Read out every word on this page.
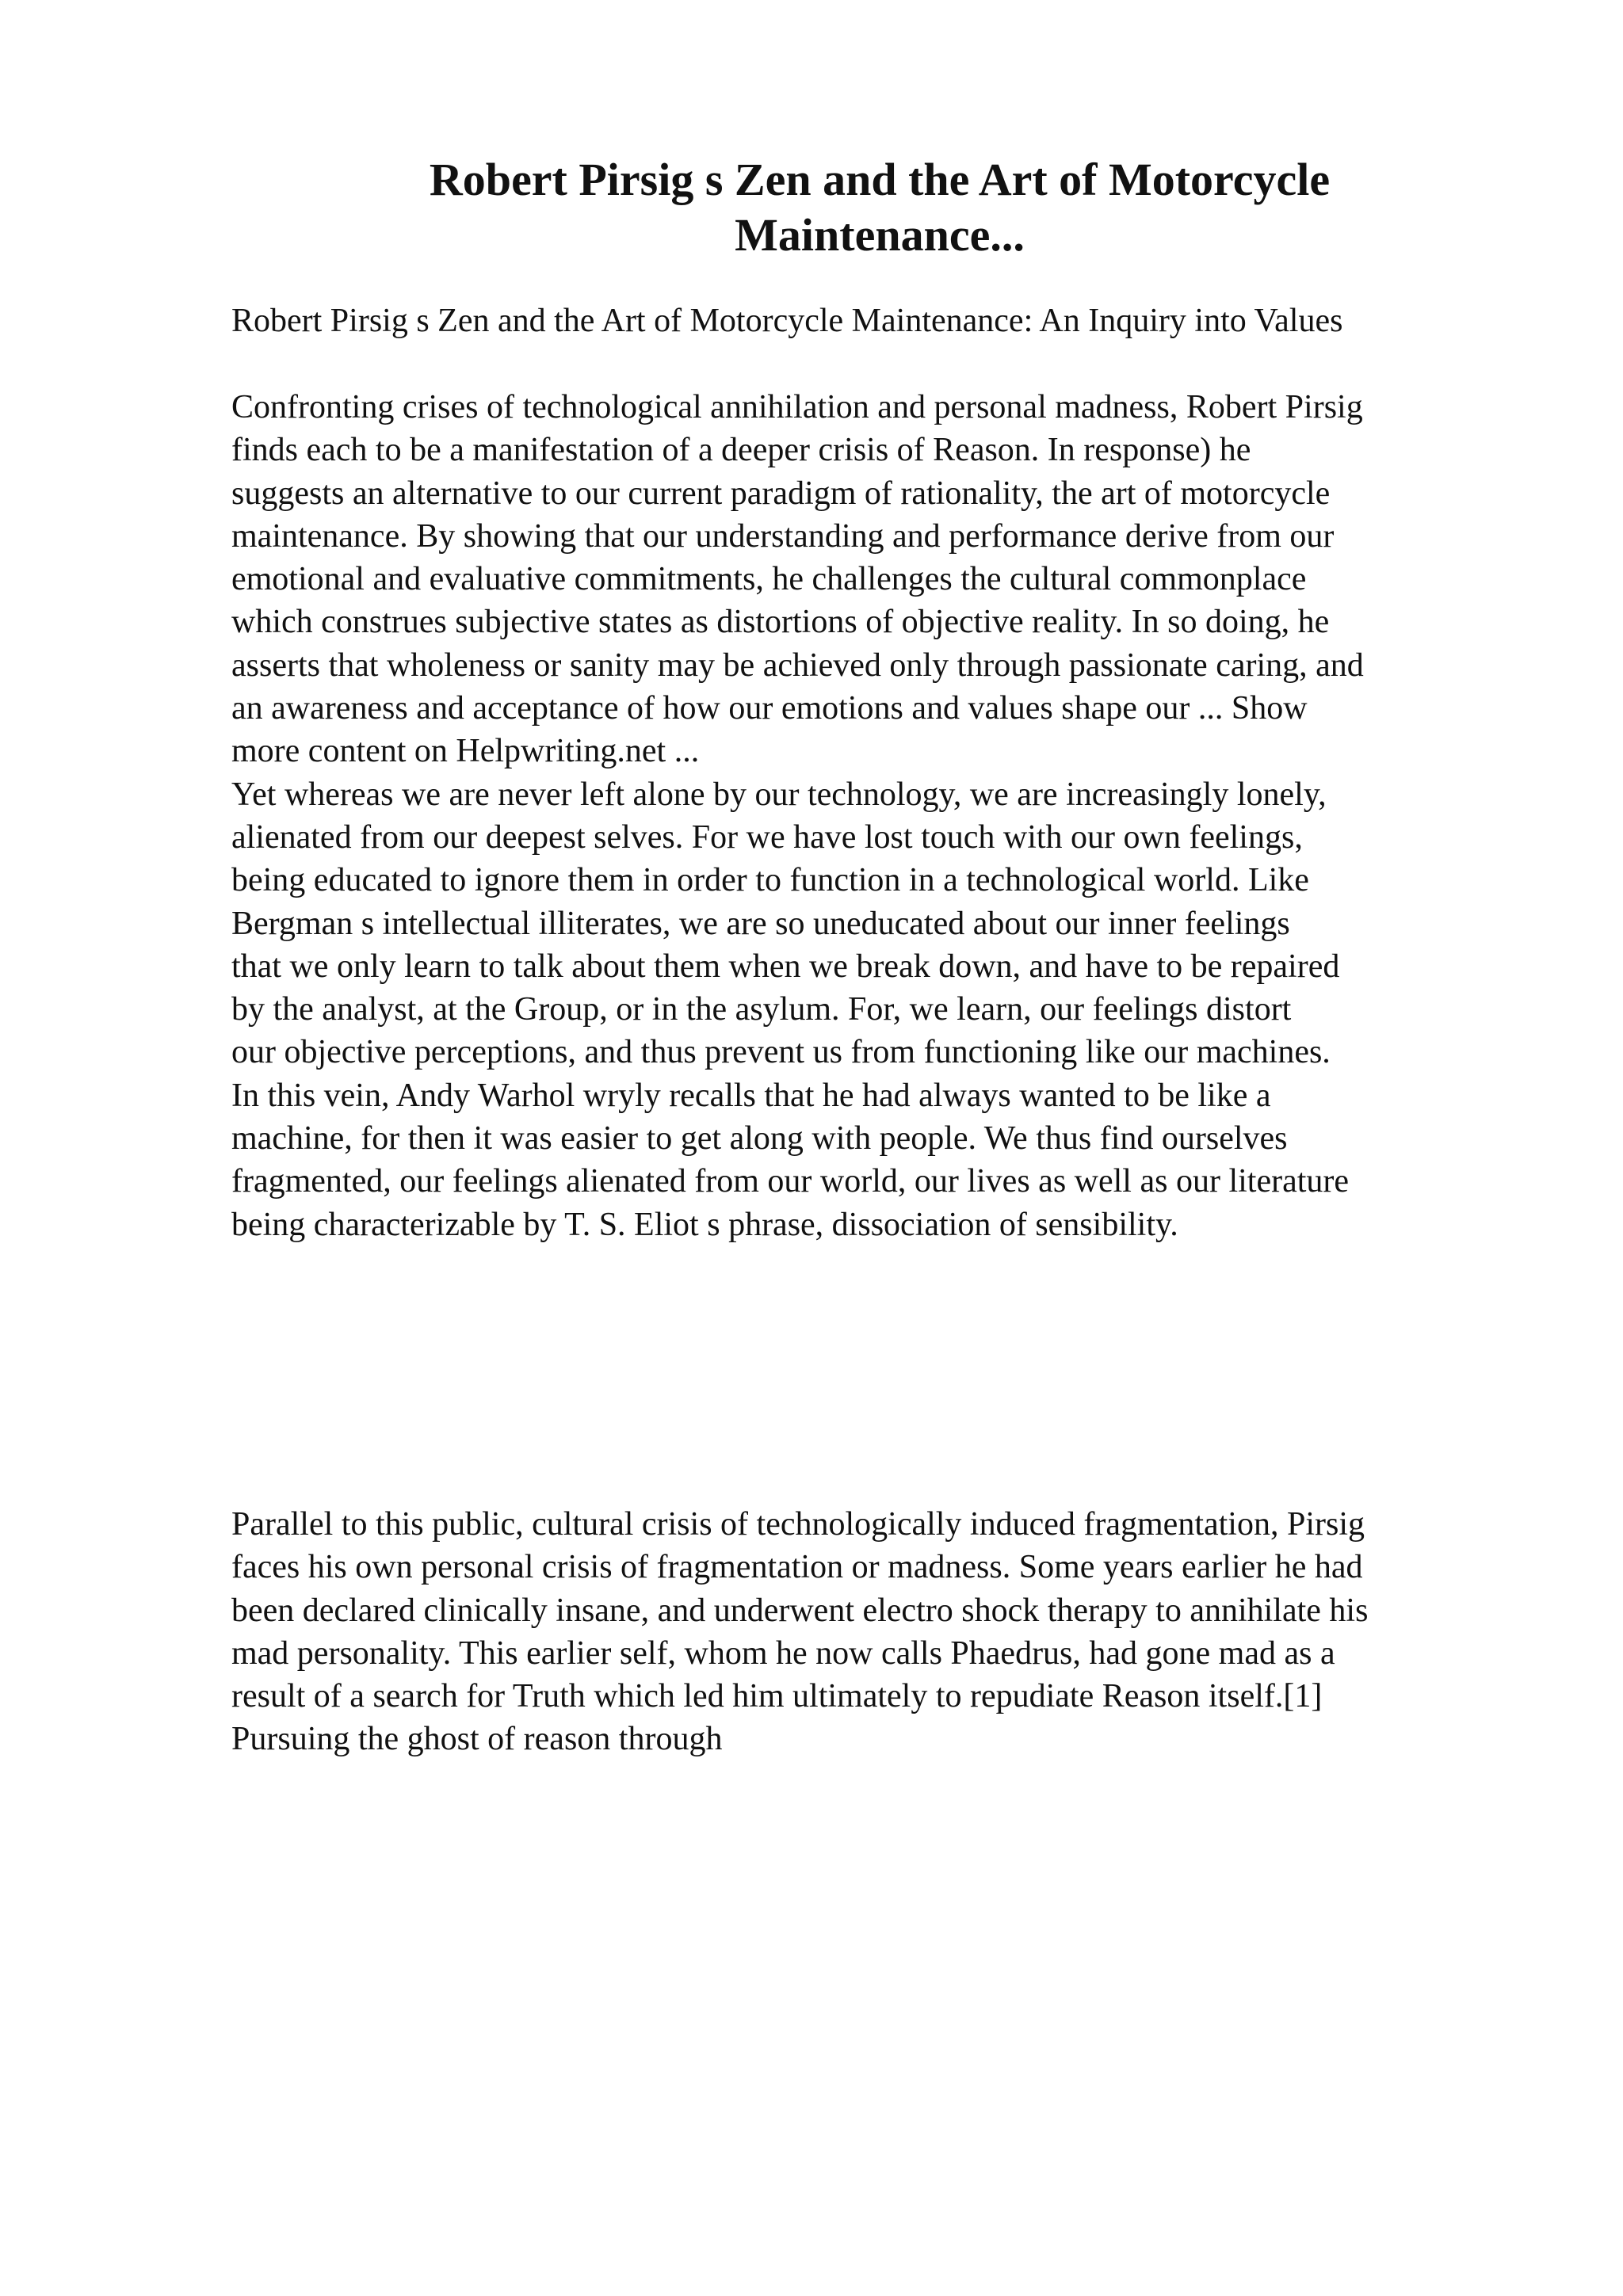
Robert Pirsig s Zen and the Art of Motorcycle
Maintenance...

Robert Pirsig s Zen and the Art of Motorcycle Maintenance: An Inquiry into Values

Confronting crises of technological annihilation and personal madness, Robert Pirsig
finds each to be a manifestation of a deeper crisis of Reason. In response) he
suggests an alternative to our current paradigm of rationality, the art of motorcycle
maintenance. By showing that our understanding and performance derive from our
emotional and evaluative commitments, he challenges the cultural commonplace
which construes subjective states as distortions of objective reality. In so doing, he
asserts that wholeness or sanity may be achieved only through passionate caring, and
an awareness and acceptance of how our emotions and values shape our ... Show
more content on Helpwriting.net ...
Yet whereas we are never left alone by our technology, we are increasingly lonely,
alienated from our deepest selves. For we have lost touch with our own feelings,
being educated to ignore them in order to function in a technological world. Like
Bergman s intellectual illiterates, we are so uneducated about our inner feelings
that we only learn to talk about them when we break down, and have to be repaired
by the analyst, at the Group, or in the asylum. For, we learn, our feelings distort
our objective perceptions, and thus prevent us from functioning like our machines.
In this vein, Andy Warhol wryly recalls that he had always wanted to be like a
machine, for then it was easier to get along with people. We thus find ourselves
fragmented, our feelings alienated from our world, our lives as well as our literature
being characterizable by T. S. Eliot s phrase, dissociation of sensibility.
Parallel to this public, cultural crisis of technologically induced fragmentation, Pirsig
faces his own personal crisis of fragmentation or madness. Some years earlier he had
been declared clinically insane, and underwent electro shock therapy to annihilate his
mad personality. This earlier self, whom he now calls Phaedrus, had gone mad as a
result of a search for Truth which led him ultimately to repudiate Reason itself.[1]
Pursuing the ghost of reason through
